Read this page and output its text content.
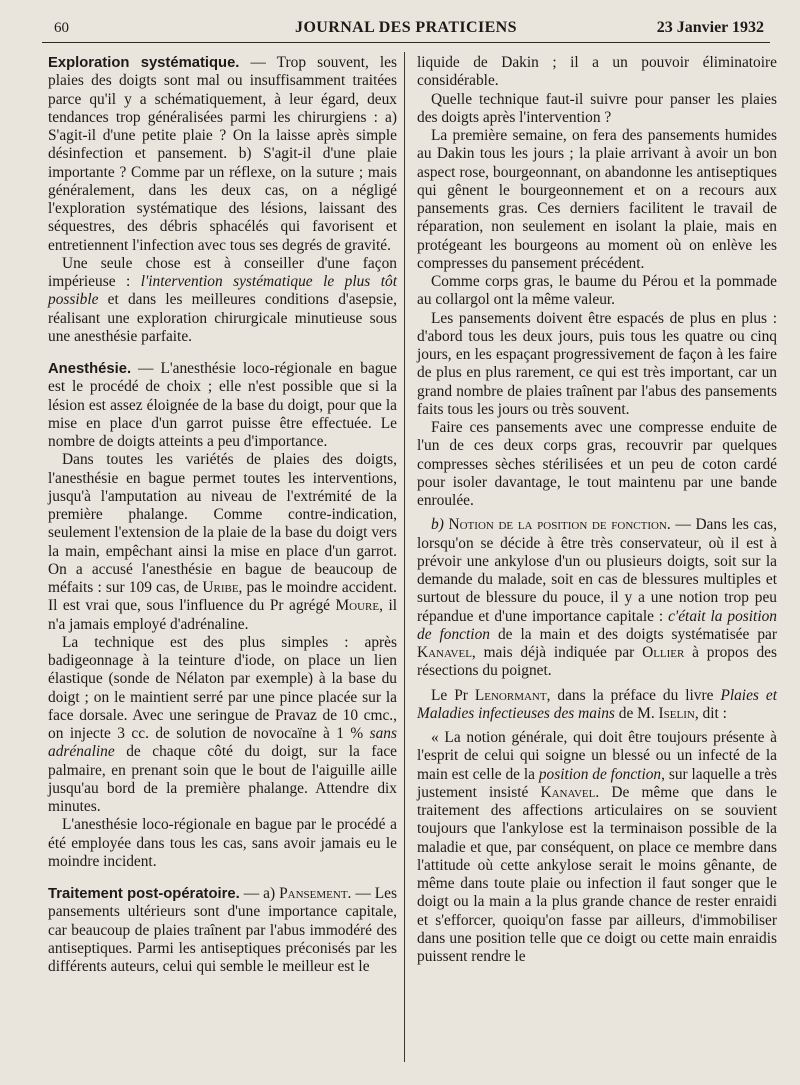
60	JOURNAL DES PRATICIENS	23 Janvier 1932

Exploration systématique. — Trop souvent, les plaies des doigts sont mal ou insuffisamment traitées parce qu'il y a schématiquement, à leur égard, deux tendances trop généralisées parmi les chirurgiens : a) S'agit-il d'une petite plaie ? On la laisse après simple désinfection et pansement. b) S'agit-il d'une plaie importante ? Comme par un réflexe, on la suture ; mais généralement, dans les deux cas, on a négligé l'exploration systématique des lésions, laissant des séquestres, des débris sphacélés qui favorisent et entretiennent l'infection avec tous ses degrés de gravité.

Une seule chose est à conseiller d'une façon impérieuse : l'intervention systématique le plus tôt possible et dans les meilleures conditions d'asepsie, réalisant une exploration chirurgicale minutieuse sous une anesthésie parfaite.

Anesthésie. — L'anesthésie loco-régionale en bague est le procédé de choix ; elle n'est possible que si la lésion est assez éloignée de la base du doigt, pour que la mise en place d'un garrot puisse être effectuée. Le nombre de doigts atteints a peu d'importance.

Dans toutes les variétés de plaies des doigts, l'anesthésie en bague permet toutes les interventions, jusqu'à l'amputation au niveau de l'extrémité de la première phalange. Comme contre-indication, seulement l'extension de la plaie de la base du doigt vers la main, empêchant ainsi la mise en place d'un garrot. On a accusé l'anesthésie en bague de beaucoup de méfaits : sur 109 cas, de Uribe, pas le moindre accident. Il est vrai que, sous l'influence du Pr agrégé Moure, il n'a jamais employé d'adrénaline.

La technique est des plus simples : après badigeonnage à la teinture d'iode, on place un lien élastique (sonde de Nélaton par exemple) à la base du doigt ; on le maintient serré par une pince placée sur la face dorsale. Avec une seringue de Pravaz de 10 cmc., on injecte 3 cc. de solution de novocaïne à 1 % sans adrénaline de chaque côté du doigt, sur la face palmaire, en prenant soin que le bout de l'aiguille aille jusqu'au bord de la première phalange. Attendre dix minutes.

L'anesthésie loco-régionale en bague par le procédé a été employée dans tous les cas, sans avoir jamais eu le moindre incident.

Traitement post-opératoire. — a) Pansement. — Les pansements ultérieurs sont d'une importance capitale, car beaucoup de plaies traînent par l'abus immodéré des antiseptiques. Parmi les antiseptiques préconisés par les différents auteurs, celui qui semble le meilleur est le

liquide de Dakin ; il a un pouvoir éliminatoire considérable.

Quelle technique faut-il suivre pour panser les plaies des doigts après l'intervention ?

La première semaine, on fera des pansements humides au Dakin tous les jours ; la plaie arrivant à avoir un bon aspect rose, bourgeonnant, on abandonne les antiseptiques qui gênent le bourgeonnement et on a recours aux pansements gras. Ces derniers facilitent le travail de réparation, non seulement en isolant la plaie, mais en protégeant les bourgeons au moment où on enlève les compresses du pansement précédent.

Comme corps gras, le baume du Pérou et la pommade au collargol ont la même valeur.

Les pansements doivent être espacés de plus en plus : d'abord tous les deux jours, puis tous les quatre ou cinq jours, en les espaçant progressivement de façon à les faire de plus en plus rarement, ce qui est très important, car un grand nombre de plaies traînent par l'abus des pansements faits tous les jours ou très souvent.

Faire ces pansements avec une compresse enduite de l'un de ces deux corps gras, recouvrir par quelques compresses sèches stérilisées et un peu de coton cardé pour isoler davantage, le tout maintenu par une bande enroulée.

b) Notion de la position de fonction. — Dans les cas, lorsqu'on se décide à être très conservateur, où il est à prévoir une ankylose d'un ou plusieurs doigts, soit sur la demande du malade, soit en cas de blessures multiples et surtout de blessure du pouce, il y a une notion trop peu répandue et d'une importance capitale : c'était la position de fonction de la main et des doigts systématisée par Kanavel, mais déjà indiquée par Ollier à propos des résections du poignet.

Le Pr Lenormant, dans la préface du livre Plaies et Maladies infectieuses des mains de M. Iselin, dit :

« La notion générale, qui doit être toujours présente à l'esprit de celui qui soigne un blessé ou un infecté de la main est celle de la position de fonction, sur laquelle a très justement insisté Kanavel. De même que dans le traitement des affections articulaires on se souvient toujours que l'ankylose est la terminaison possible de la maladie et que, par conséquent, on place ce membre dans l'attitude où cette ankylose serait le moins gênante, de même dans toute plaie ou infection il faut songer que le doigt ou la main a la plus grande chance de rester enraidi et s'efforcer, quoiqu'on fasse par ailleurs, d'immobiliser dans une position telle que ce doigt ou cette main enraidis puissent rendre le
